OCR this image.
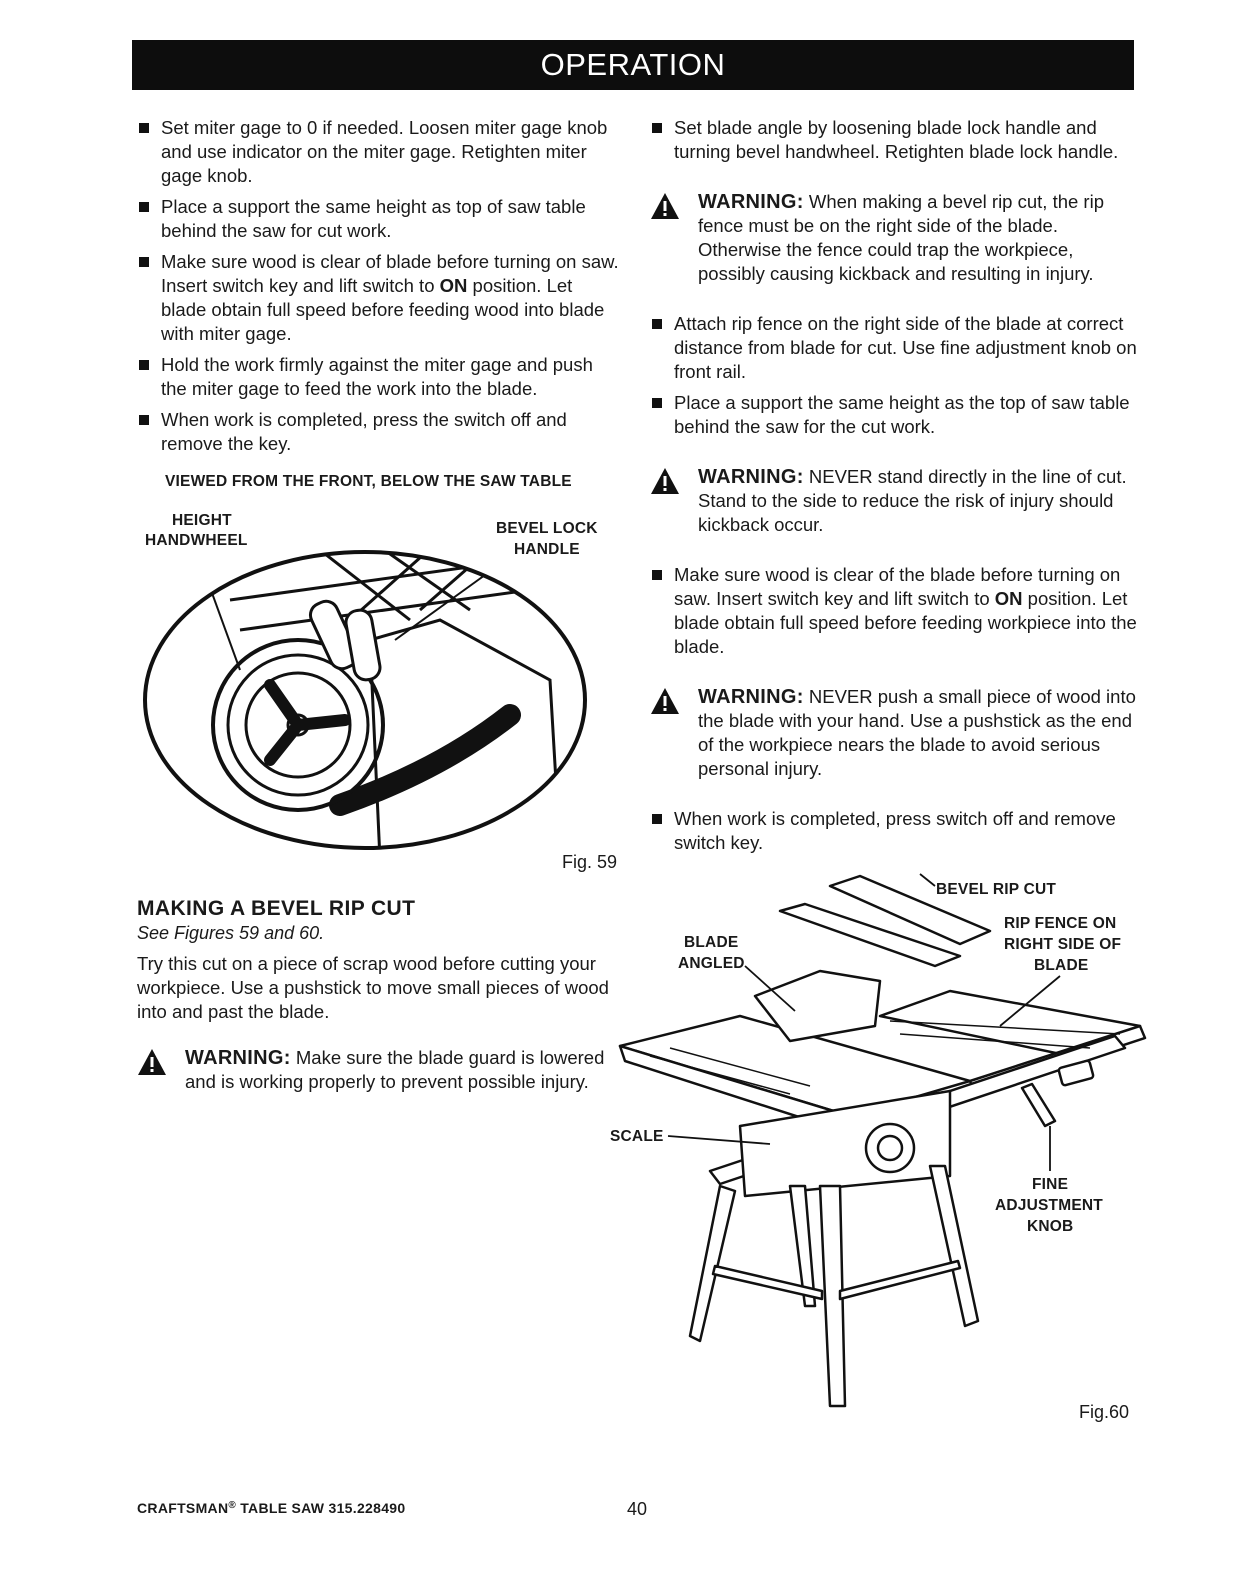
OPERATION
Set miter gage to 0 if needed. Loosen miter gage knob and use indicator on the miter gage. Retighten miter gage knob.
Place a support the same height as top of saw table behind the saw for cut work.
Make sure wood is clear of blade before turning on saw. Insert switch key and lift switch to ON position. Let blade obtain full speed before feeding wood into blade with miter gage.
Hold the work firmly against the miter gage and push the miter gage to feed the work into the blade.
When work is completed, press the switch off and remove the key.
VIEWED FROM THE FRONT, BELOW THE SAW TABLE
HEIGHT
HANDWHEEL
BEVEL LOCK
HANDLE
Fig. 59
MAKING A BEVEL RIP CUT
See Figures 59 and 60.
Try this cut on a piece of scrap wood before cutting your workpiece. Use a pushstick to move small pieces of wood into and past the blade.
WARNING: Make sure the blade guard is lowered and is working properly to prevent possible injury.
Set blade angle by loosening blade lock handle and turning bevel handwheel. Retighten blade lock handle.
WARNING: When making a bevel rip cut, the rip fence must be on the right side of the blade. Otherwise the fence could trap the workpiece, possibly causing kickback and resulting in injury.
Attach rip fence on the right side of the blade at correct distance from blade for cut. Use fine adjustment knob on front rail.
Place a support the same height as the top of saw table behind the saw for the cut work.
WARNING: NEVER stand directly in the line of cut. Stand to the side to reduce the risk of injury should kickback occur.
Make sure wood is clear of the blade before turning on saw. Insert switch key and lift switch to ON position. Let blade obtain full speed before feeding workpiece into the blade.
WARNING: NEVER push a small piece of wood into the blade with your hand. Use a pushstick as the end of the workpiece nears the blade to avoid serious personal injury.
When work is completed, press switch off and remove switch key.
BEVEL RIP CUT
RIP FENCE ON
RIGHT SIDE OF
BLADE
BLADE
ANGLED
SCALE
FINE
ADJUSTMENT
KNOB
Fig.60
CRAFTSMAN® TABLE SAW 315.228490	40
